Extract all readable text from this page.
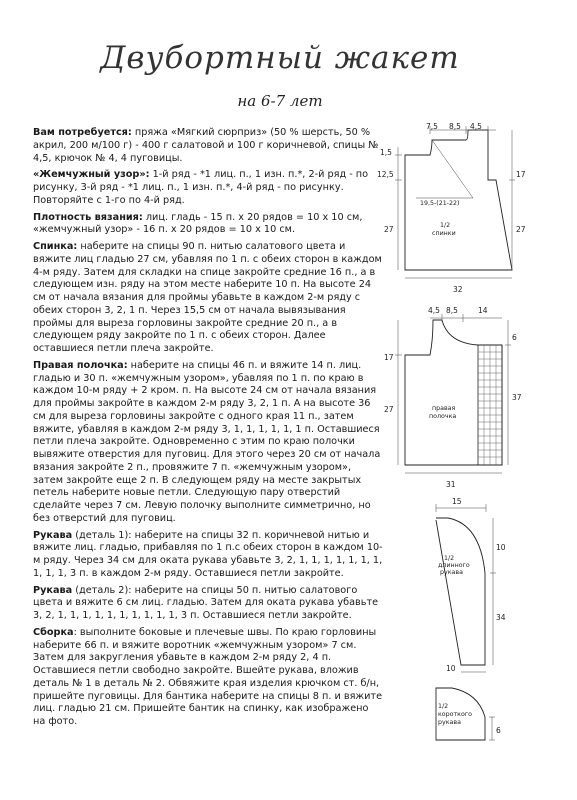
Двубортный жакет
на 6-7 лет

Вам потребуется: пряжа «Мягкий сюрприз» (50 % шерсть, 50 % акрил, 200 м/100 г) - 400 г салатовой и 100 г коричневой, спицы № 4,5, крючок № 4, 4 пуговицы.

«Жемчужный узор»: 1-й ряд - *1 лиц. п., 1 изн. п.*, 2-й ряд - по рисунку, 3-й ряд - *1 лиц. п., 1 изн. п.*, 4-й ряд - по рисунку. Повторяйте с 1-го по 4-й ряд.

Плотность вязания: лиц. гладь - 15 п. х 20 рядов = 10 х 10 см, «жемчужный узор» - 16 п. х 20 рядов = 10 х 10 см.

Спинка: наберите на спицы 90 п. нитью салатового цвета и вяжите лиц гладью 27 см, убавляя по 1 п. с обеих сторон в каждом 4-м ряду. Затем для складки на спице закройте средние 16 п., а в следующем изн. ряду на этом месте наберите 10 п. На высоте 24 см от начала вязания для проймы убавьте в каждом 2-м ряду с обеих сторон 3, 2, 1 п. Через 15,5 см от начала вывязывания проймы для выреза горловины закройте средние 20 п., а в следующем ряду закройте по 1 п. с обеих сторон. Далее оставшиеся петли плеча закройте.

Правая полочка: наберите на спицы 46 п. и вяжите 14 п. лиц. гладью и 30 п. «жемчужным узором», убавляя по 1 п. по краю в каждом 10-м ряду + 2 кром. п. На высоте 24 см от начала вязания для проймы закройте в каждом 2-м ряду 3, 2, 1 п. А на высоте 36 см для выреза горловины закройте с одного края 11 п., затем вяжите, убавляя в каждом 2-м ряду 3, 1, 1, 1, 1, 1, 1 п. Оставшиеся петли плеча закройте. Одновременно с этим по краю полочки вывяжите отверстия для пуговиц. Для этого через 20 см от начала вязания закройте 2 п., провяжите 7 п. «жемчужным узором», затем закройте еще 2 п. В следующем ряду на месте закрытых петель наберите новые петли. Следующую пару отверстий сделайте через 7 см. Левую полочку выполните симметрично, но без отверстий для пуговиц.

Рукава (деталь 1): наберите на спицы 32 п. коричневой нитью и вяжите лиц. гладью, прибавляя по 1 п.с обеих сторон в каждом 10-м ряду. Через 34 см для оката рукава убавьте 3, 2, 1, 1, 1, 1, 1, 1, 1, 1, 1, 1, 3 п. в каждом 2-м ряду. Оставшиеся петли закройте.

Рукава (деталь 2): наберите на спицы 50 п. нитью салатового цвета и вяжите 6 см лиц. гладью. Затем для оката рукава убавьте 3, 2, 1, 1, 1, 1, 1, 1, 1, 1, 1, 1, 3 п. Оставшиеся петли закройте.

Сборка: выполните боковые и плечевые швы. По краю горловины наберите 66 п. и вяжите воротник «жемчужным узором» 7 см. Затем для закругления убавьте в каждом 2-м ряду 2, 4 п. Оставшиеся петли свободно закройте. Вшейте рукава, вложив деталь № 1 в деталь № 2. Обвяжите края изделия крючком ст. б/н, пришейте пуговицы. Для бантика наберите на спицы 8 п. и вяжите лиц. гладью 21 см. Пришейте бантик на спинку, как изображено на фото.

7,5 8,5 4,5
1,5
12,5
27
17
27
19,5-(21-22)
1/2
спинки
32
4,5 8,5	14
17
27
6
37
правая
полочка
31
15
1/2
длинного
рукава
10
34
10
1/2
короткого
рукава
6
